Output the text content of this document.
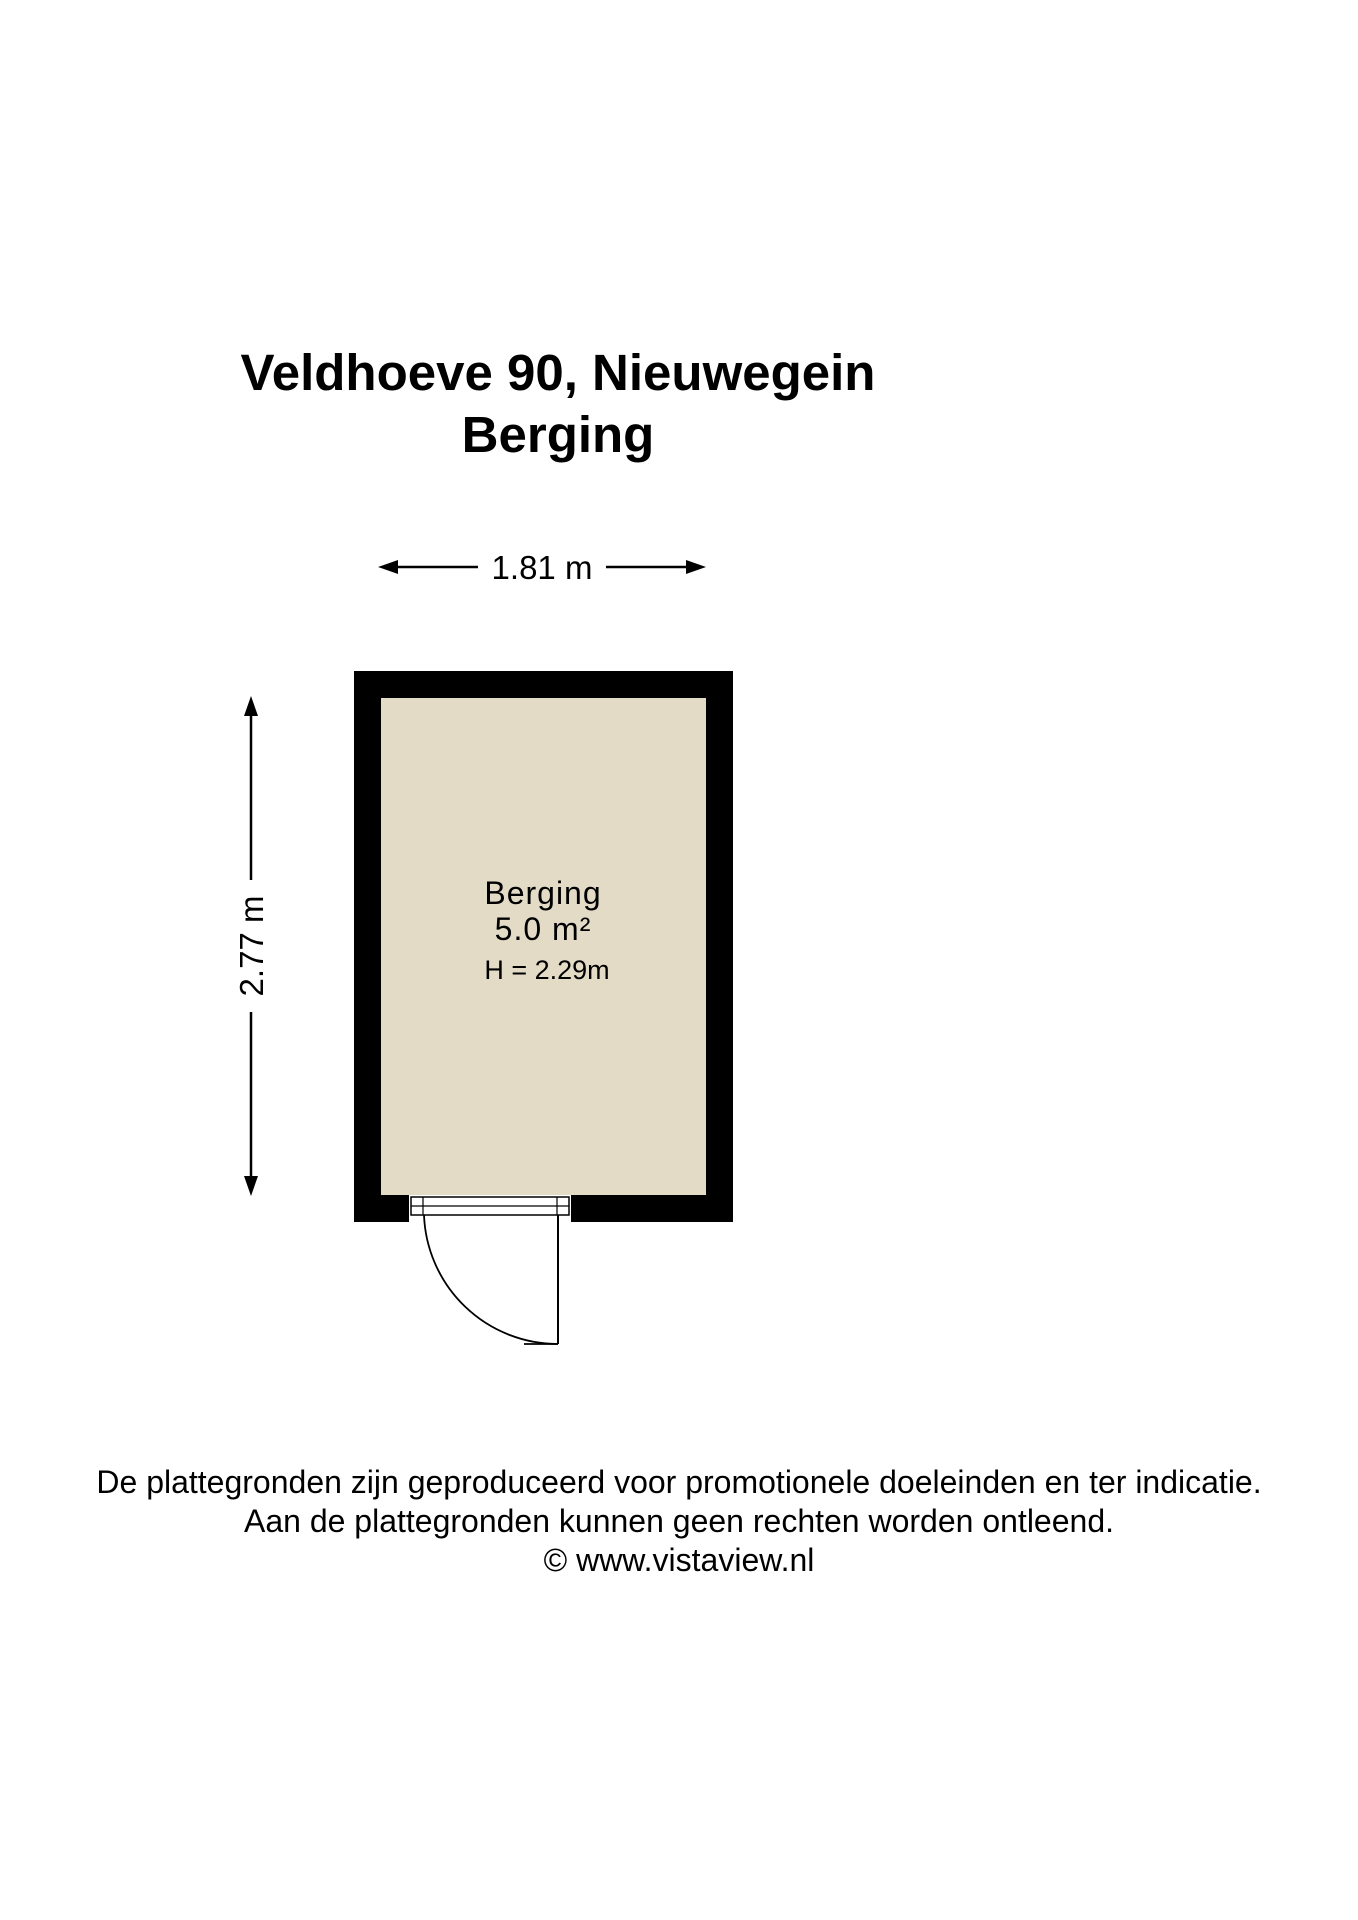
Veldhoeve 90, Nieuwegein
Berging
1.81 m
2.77 m
Berging
5.0 m²
H = 2.29m
De plattegronden zijn geproduceerd voor promotionele doeleinden en ter indicatie.
Aan de plattegronden kunnen geen rechten worden ontleend.
© www.vistaview.nl
